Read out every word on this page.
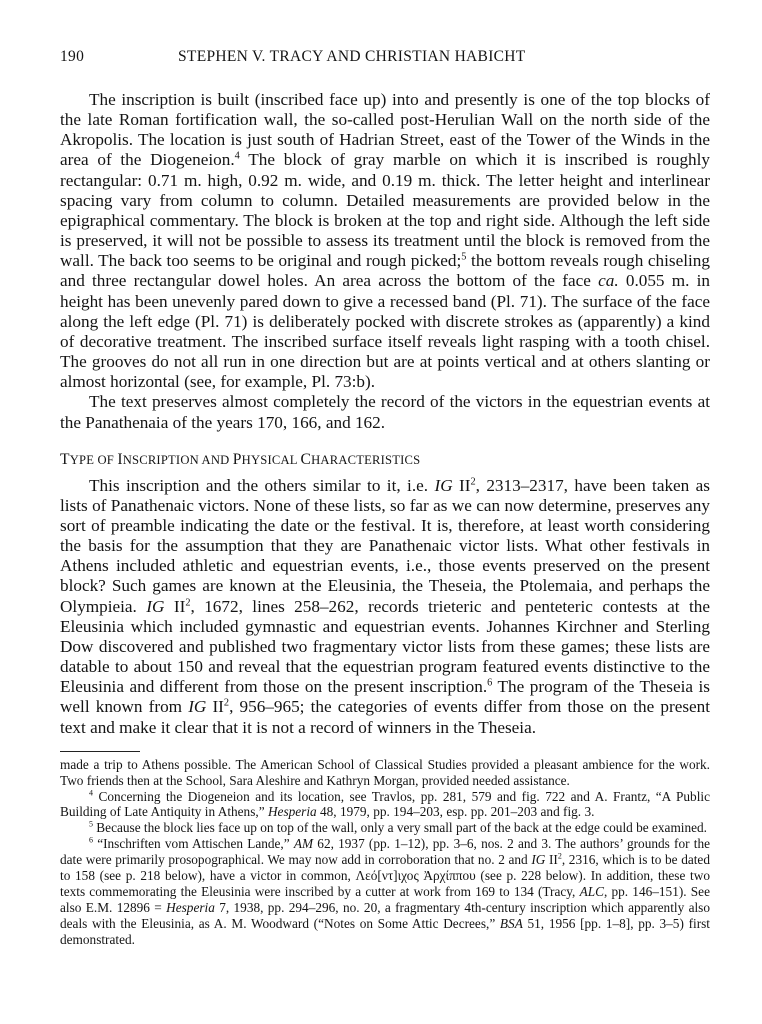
190	STEPHEN V. TRACY AND CHRISTIAN HABICHT

The inscription is built (inscribed face up) into and presently is one of the top blocks of the late Roman fortification wall, the so-called post-Herulian Wall on the north side of the Akropolis. The location is just south of Hadrian Street, east of the Tower of the Winds in the area of the Diogeneion.$^4$ The block of gray marble on which it is inscribed is roughly rectangular: 0.71 m. high, 0.92 m. wide, and 0.19 m. thick. The letter height and interlinear spacing vary from column to column. Detailed measurements are provided below in the epigraphical commentary. The block is broken at the top and right side. Although the left side is preserved, it will not be possible to assess its treatment until the block is removed from the wall. The back too seems to be original and rough picked;$^5$ the bottom reveals rough chiseling and three rectangular dowel holes. An area across the bottom of the face ca. 0.055 m. in height has been unevenly pared down to give a recessed band (Pl. 71). The surface of the face along the left edge (Pl. 71) is deliberately pocked with discrete strokes as (apparently) a kind of decorative treatment. The inscribed surface itself reveals light rasping with a tooth chisel. The grooves do not all run in one direction but are at points vertical and at others slanting or almost horizontal (see, for example, Pl. 73:b).

The text preserves almost completely the record of the victors in the equestrian events at the Panathenaia of the years 170, 166, and 162.

TYPE OF INSCRIPTION AND PHYSICAL CHARACTERISTICS

This inscription and the others similar to it, i.e. IG $II^2$, 2313–2317, have been taken as lists of Panathenaic victors. None of these lists, so far as we can now determine, preserves any sort of preamble indicating the date or the festival. It is, therefore, at least worth considering the basis for the assumption that they are Panathenaic victor lists. What other festivals in Athens included athletic and equestrian events, i.e., those events preserved on the present block? Such games are known at the Eleusinia, the Theseia, the Ptolemaia, and perhaps the Olympieia. IG $II^2$, 1672, lines 258–262, records trieteric and penteteric contests at the Eleusinia which included gymnastic and equestrian events. Johannes Kirchner and Sterling Dow discovered and published two fragmentary victor lists from these games; these lists are datable to about 150 and reveal that the equestrian program featured events distinctive to the Eleusinia and different from those on the present inscription.$^6$ The program of the Theseia is well known from IG $II^2$, 956–965; the categories of events differ from those on the present text and make it clear that it is not a record of winners in the Theseia.

made a trip to Athens possible. The American School of Classical Studies provided a pleasant ambience for the work. Two friends then at the School, Sara Aleshire and Kathryn Morgan, provided needed assistance.

$^4$ Concerning the Diogeneion and its location, see Travlos, pp. 281, 579 and fig. 722 and A. Frantz, “A Public Building of Late Antiquity in Athens,” Hesperia 48, 1979, pp. 194–203, esp. pp. 201–203 and fig. 3.

$^5$ Because the block lies face up on top of the wall, only a very small part of the back at the edge could be examined.

$^6$ “Inschriften vom Attischen Lande,” AM 62, 1937 (pp. 1–12), pp. 3–6, nos. 2 and 3. The authors’ grounds for the date were primarily prosopographical. We may now add in corroboration that no. 2 and IG $II^2$, 2316, which is to be dated to 158 (see p. 218 below), have a victor in common, Λεό[ντ]ιχος Ἀρχίππου (see p. 228 below). In addition, these two texts commemorating the Eleusinia were inscribed by a cutter at work from 169 to 134 (Tracy, ALC, pp. 146–151). See also E.M. 12896 = Hesperia 7, 1938, pp. 294–296, no. 20, a fragmentary 4th-century inscription which apparently also deals with the Eleusinia, as A. M. Woodward (“Notes on Some Attic Decrees,” BSA 51, 1956 [pp. 1–8], pp. 3–5) first demonstrated.
